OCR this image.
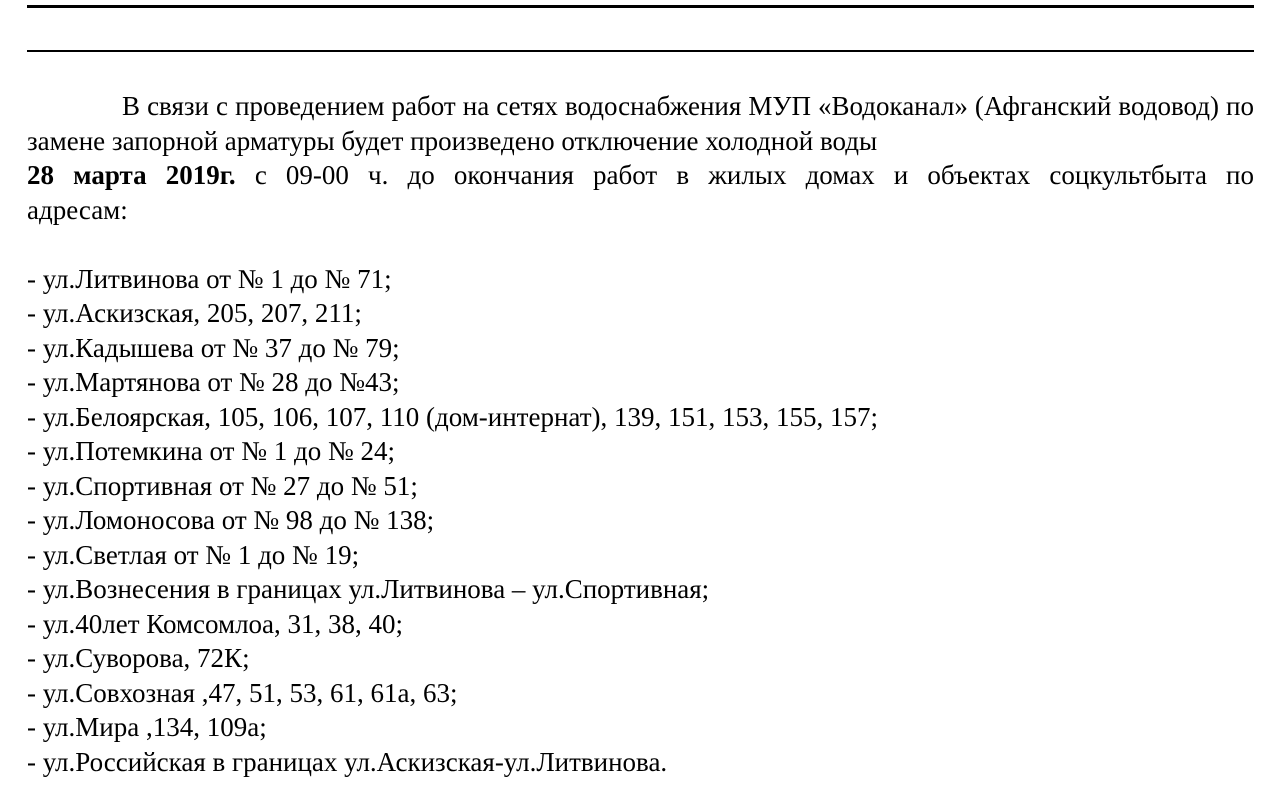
В связи с проведением работ на сетях водоснабжения МУП «Водоканал» (Афганский водовод) по замене запорной арматуры будет произведено отключение холодной воды

28 марта 2019г. с 09-00 ч. до окончания работ в жилых домах и объектах соцкультбыта по

адресам:

- ул.Литвинова от № 1 до № 71;
- ул.Аскизская, 205, 207, 211;
- ул.Кадышева от № 37 до № 79;
- ул.Мартянова от № 28 до №43;
- ул.Белоярская, 105, 106, 107, 110 (дом-интернат), 139, 151, 153, 155, 157;
- ул.Потемкина от № 1 до № 24;
- ул.Спортивная от № 27 до № 51;
- ул.Ломоносова от № 98 до № 138;
- ул.Светлая от № 1 до № 19;
- ул.Вознесения в границах ул.Литвинова – ул.Спортивная;
- ул.40лет Комсомлоа, 31, 38, 40;
- ул.Суворова, 72К;
- ул.Совхозная ,47, 51, 53, 61, 61а, 63;
- ул.Мира ,134, 109а;
- ул.Российская в границах ул.Аскизская-ул.Литвинова.
